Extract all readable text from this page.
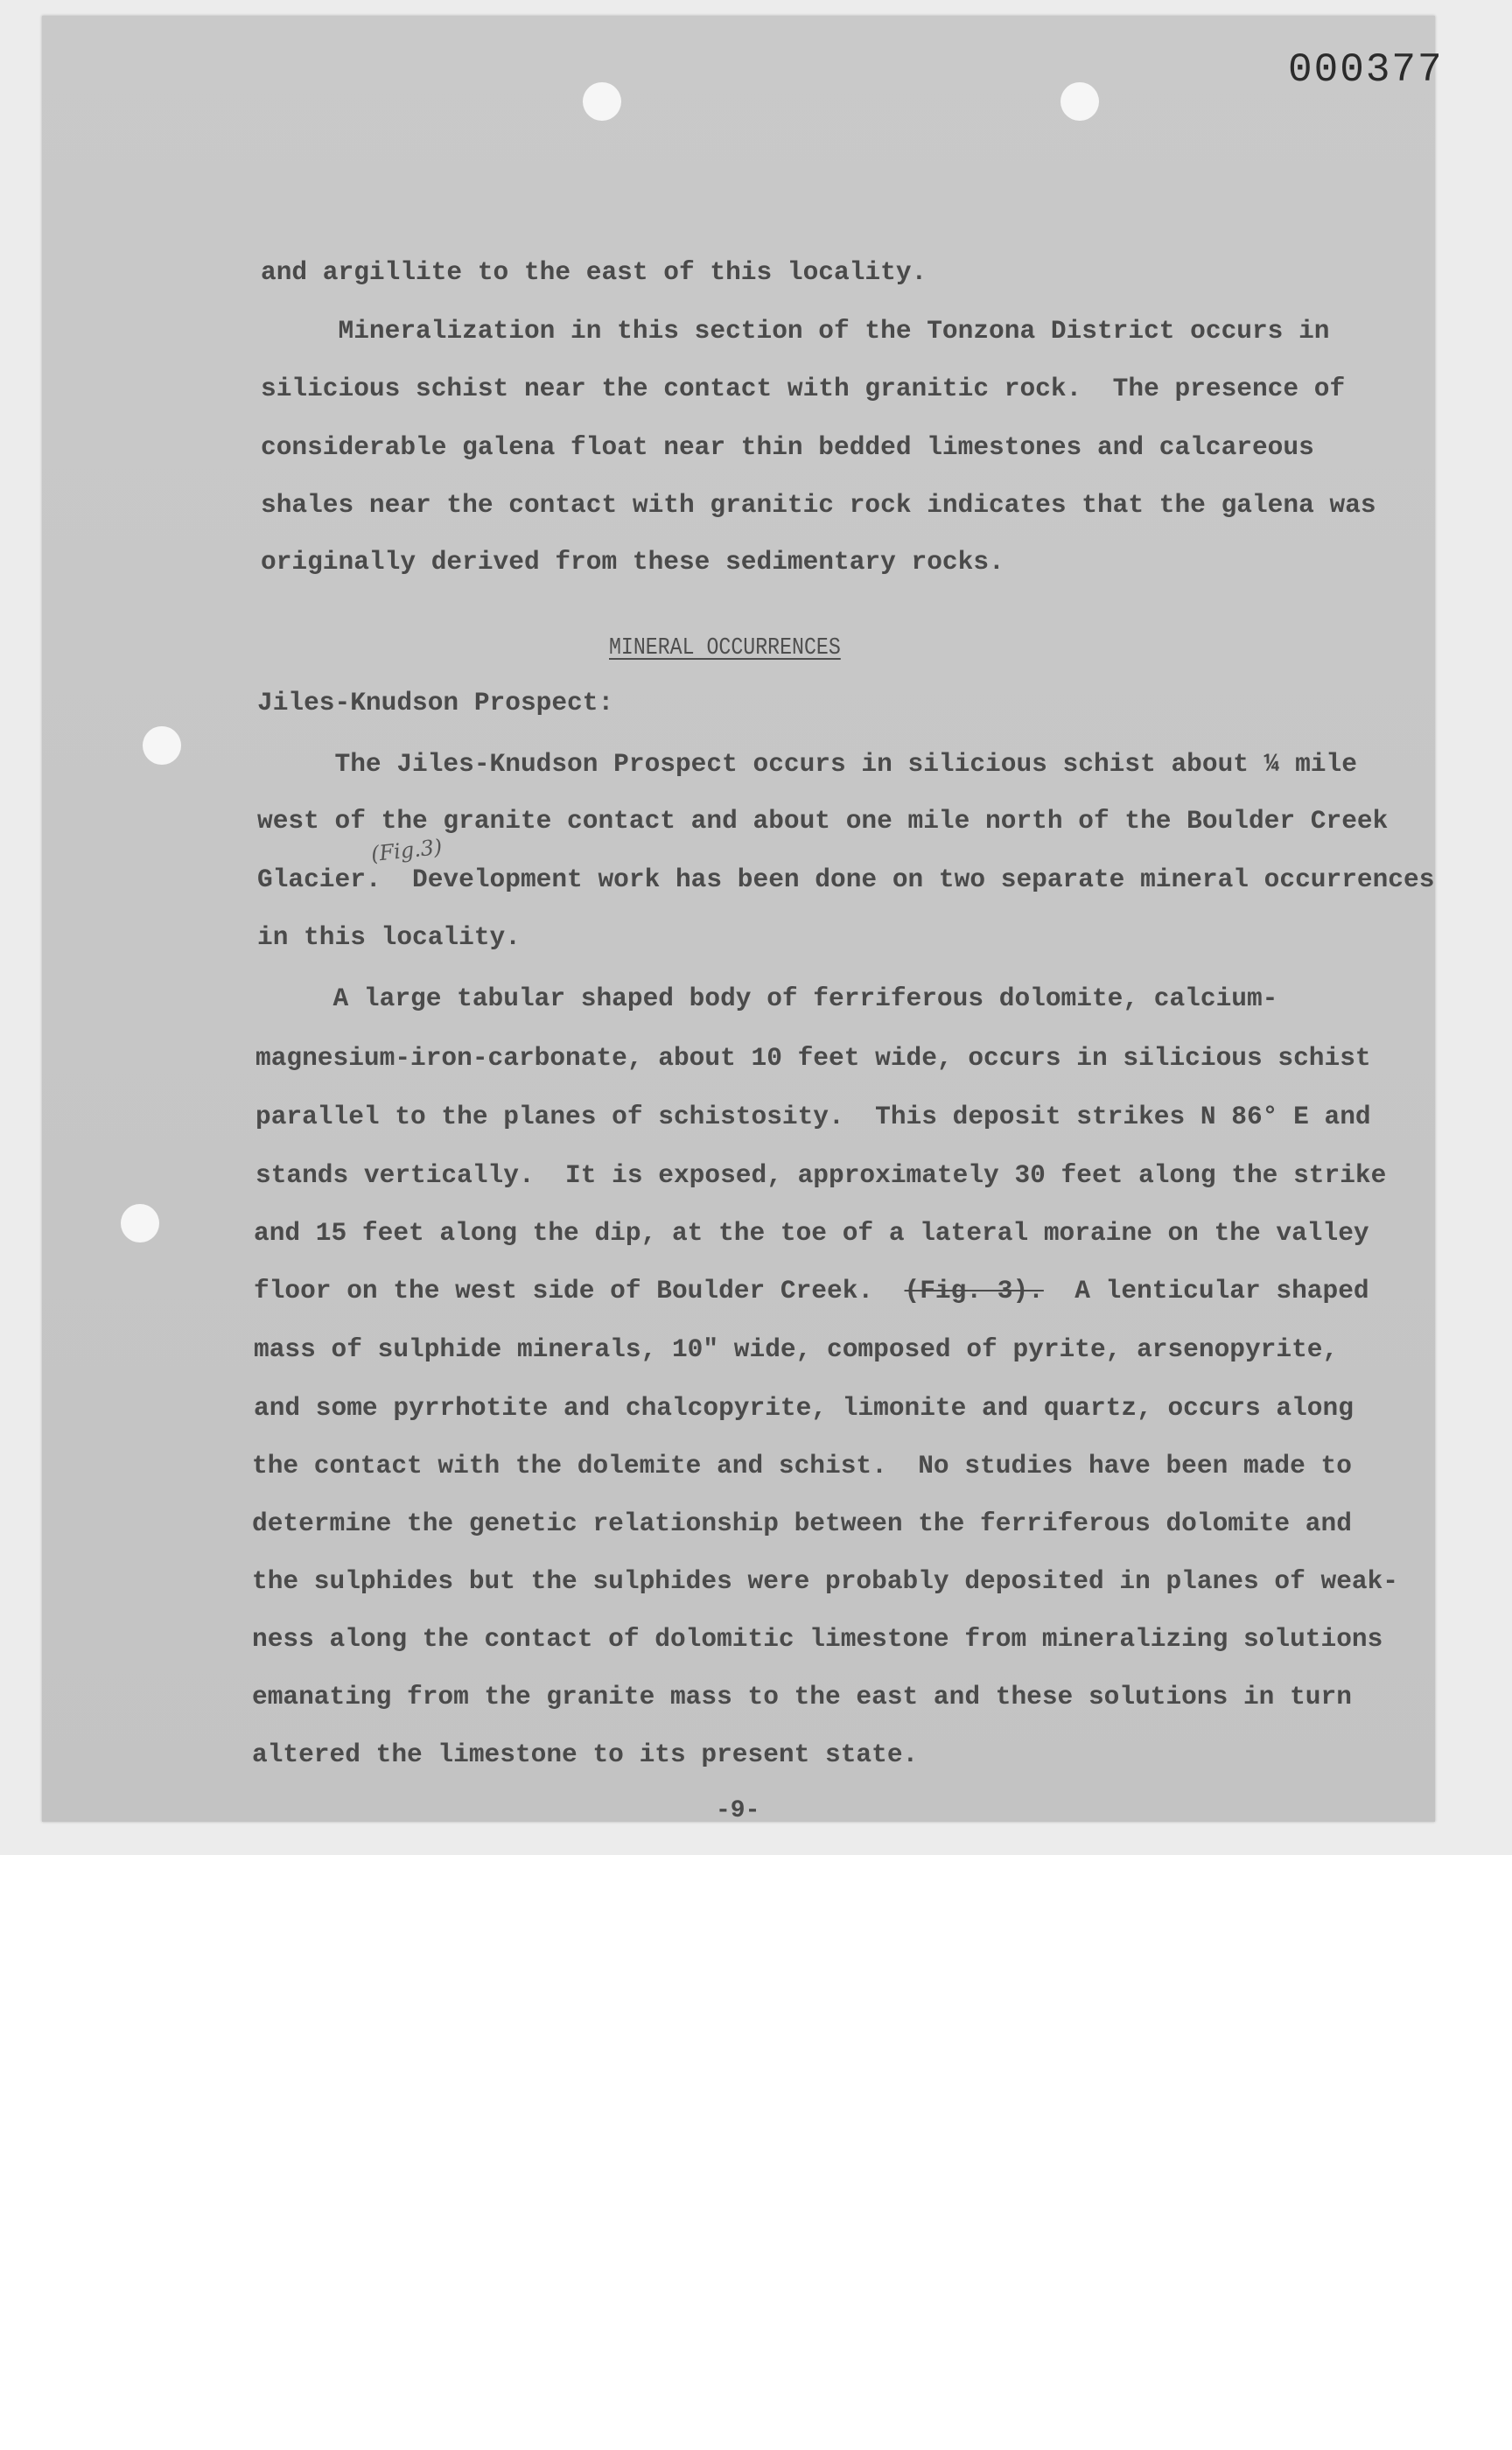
000377
and argillite to the east of this locality.
Mineralization in this section of the Tonzona District occurs in
silicious schist near the contact with granitic rock.  The presence of
considerable galena float near thin bedded limestones and calcareous
shales near the contact with granitic rock indicates that the galena was
originally derived from these sedimentary rocks.
MINERAL OCCURRENCES
Jiles-Knudson Prospect:
The Jiles-Knudson Prospect occurs in silicious schist about ¼ mile
west of the granite contact and about one mile north of the Boulder Creek
(Fig.3)
Glacier.  Development work has been done on two separate mineral occurrences
in this locality.
A large tabular shaped body of ferriferous dolomite, calcium-
magnesium-iron-carbonate, about 10 feet wide, occurs in silicious schist
parallel to the planes of schistosity.  This deposit strikes N 86° E and
stands vertically.  It is exposed, approximately 30 feet along the strike
and 15 feet along the dip, at the toe of a lateral moraine on the valley
floor on the west side of Boulder Creek.  (Fig. 3).  A lenticular shaped
mass of sulphide minerals, 10" wide, composed of pyrite, arsenopyrite,
and some pyrrhotite and chalcopyrite, limonite and quartz, occurs along
the contact with the dolemite and schist.  No studies have been made to
determine the genetic relationship between the ferriferous dolomite and
the sulphides but the sulphides were probably deposited in planes of weak-
ness along the contact of dolomitic limestone from mineralizing solutions
emanating from the granite mass to the east and these solutions in turn
altered the limestone to its present state.
-9-
